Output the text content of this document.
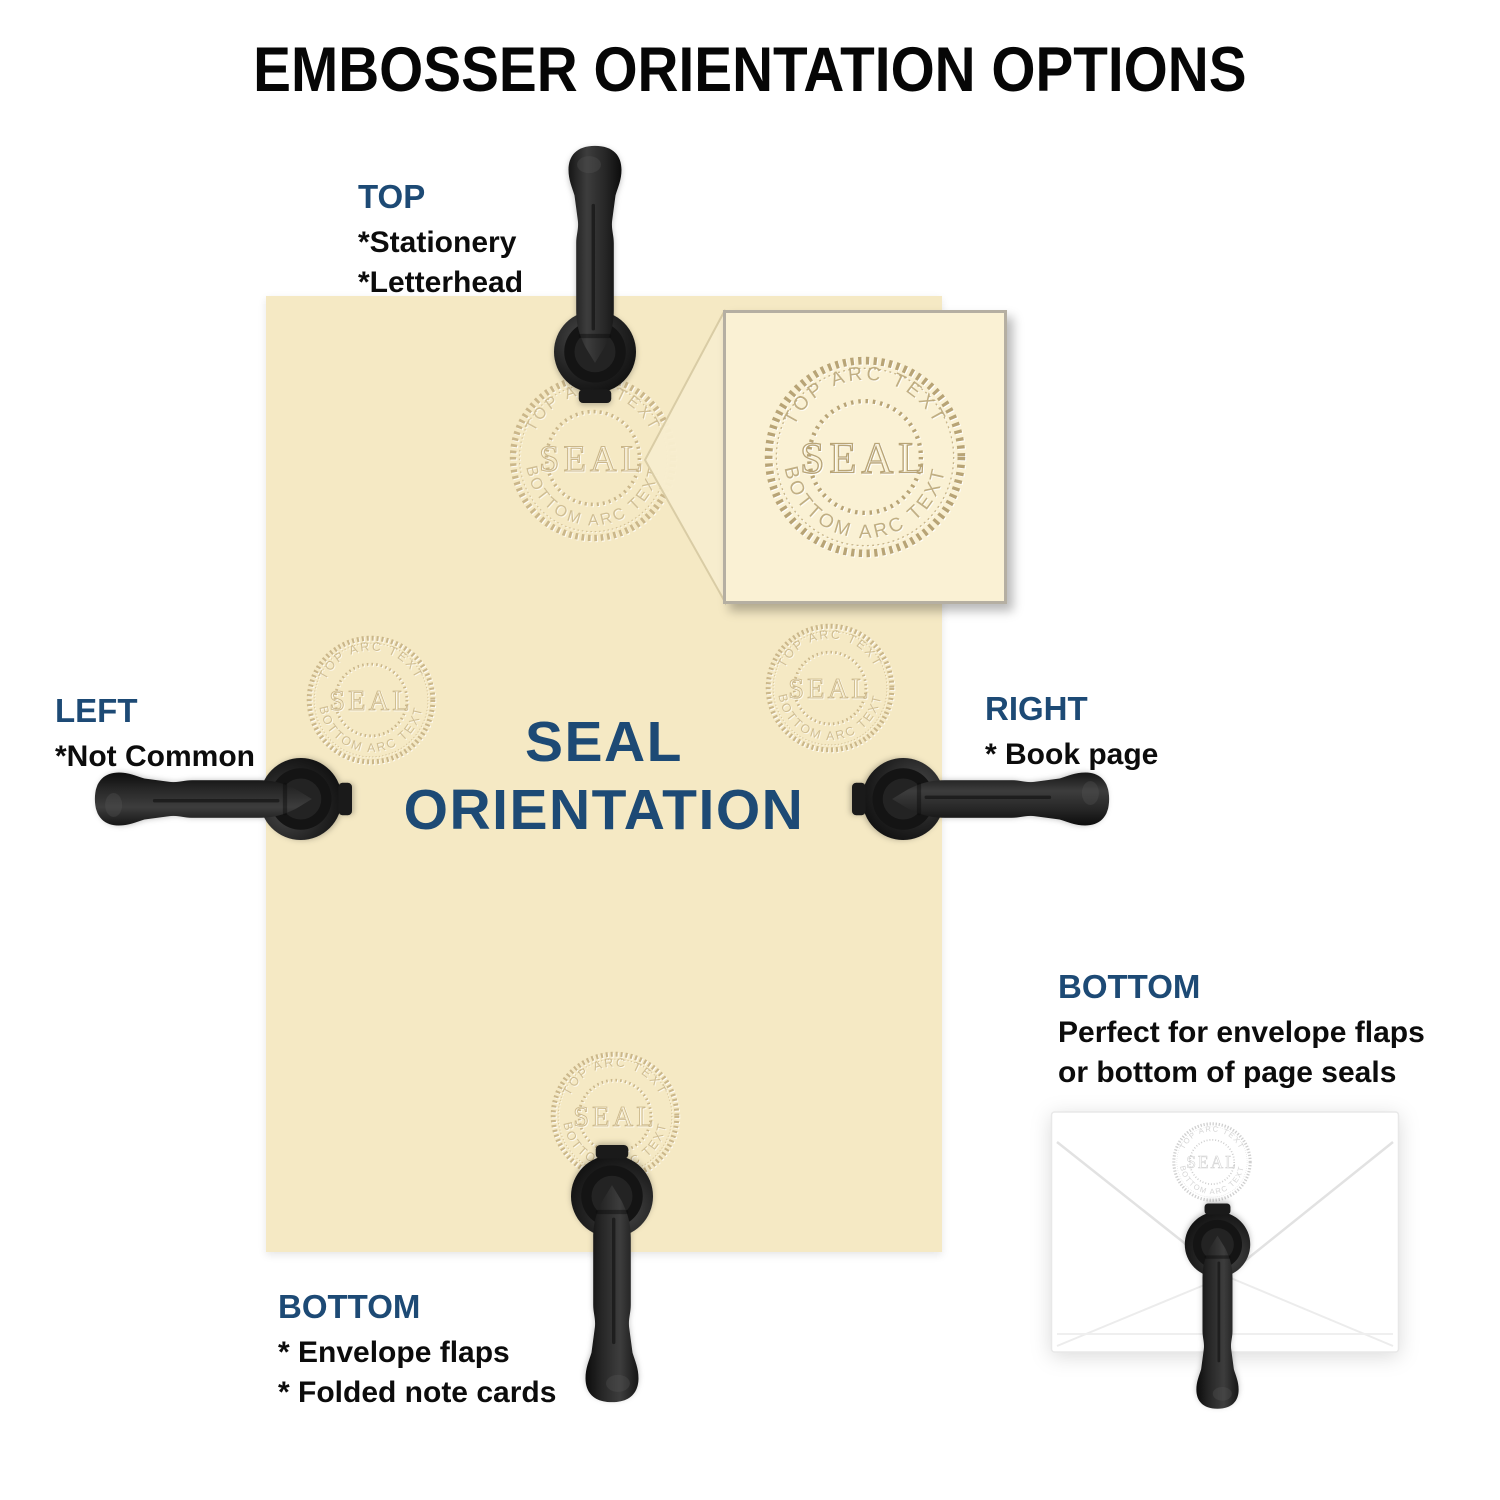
EMBOSSER ORIENTATION OPTIONS
SEAL
ORIENTATION
TOP
*Stationery
*Letterhead
LEFT
*Not Common
RIGHT
* Book page
BOTTOM
* Envelope flaps
* Folded note cards
BOTTOM
Perfect for envelope flaps
or bottom of page seals
